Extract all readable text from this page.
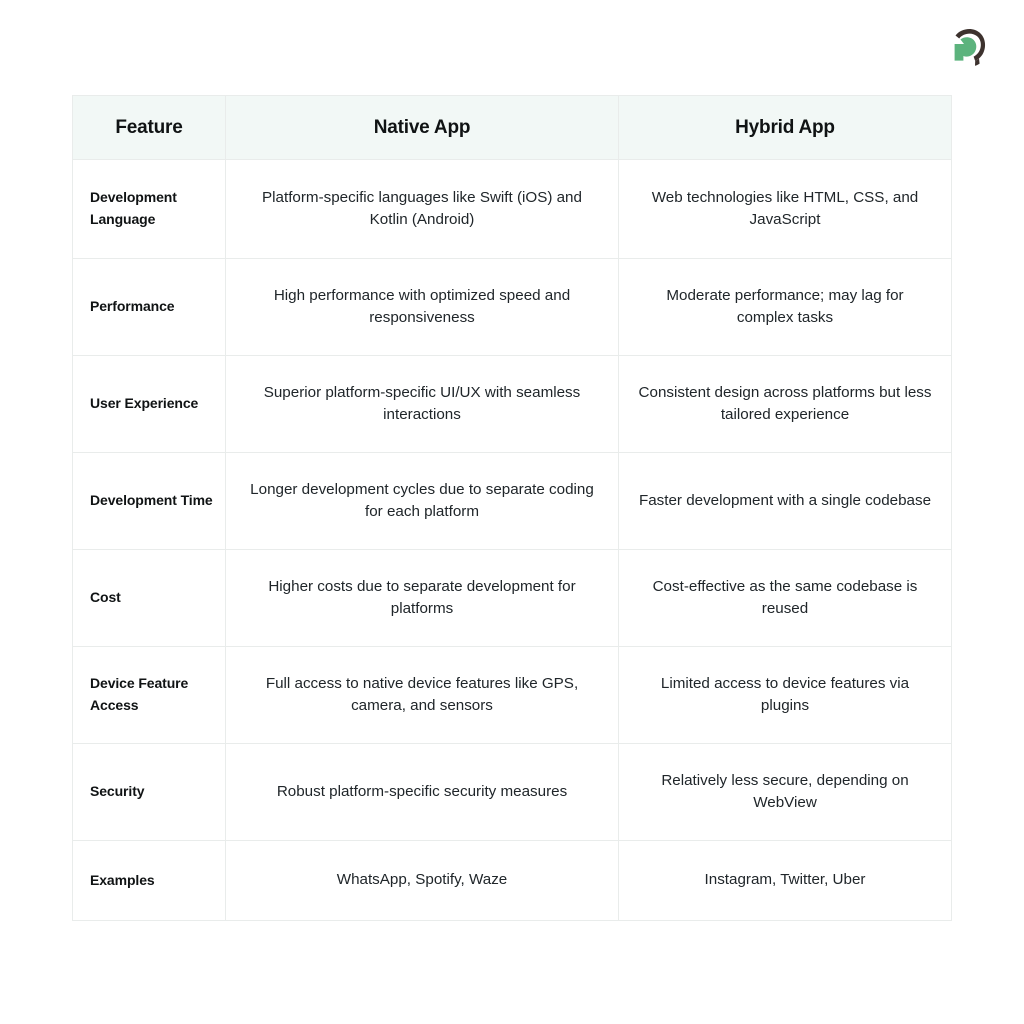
Feature	Native App	Hybrid App
Development Language	Platform-specific languages like Swift (iOS) and Kotlin (Android)	Web technologies like HTML, CSS, and JavaScript
Performance	High performance with optimized speed and responsiveness	Moderate performance; may lag for complex tasks
User Experience	Superior platform-specific UI/UX with seamless interactions	Consistent design across platforms but less tailored experience
Development Time	Longer development cycles due to separate coding for each platform	Faster development with a single codebase
Cost	Higher costs due to separate development for platforms	Cost-effective as the same codebase is reused
Device Feature Access	Full access to native device features like GPS, camera, and sensors	Limited access to device features via plugins
Security	Robust platform-specific security measures	Relatively less secure, depending on WebView
Examples	WhatsApp, Spotify, Waze	Instagram, Twitter, Uber
